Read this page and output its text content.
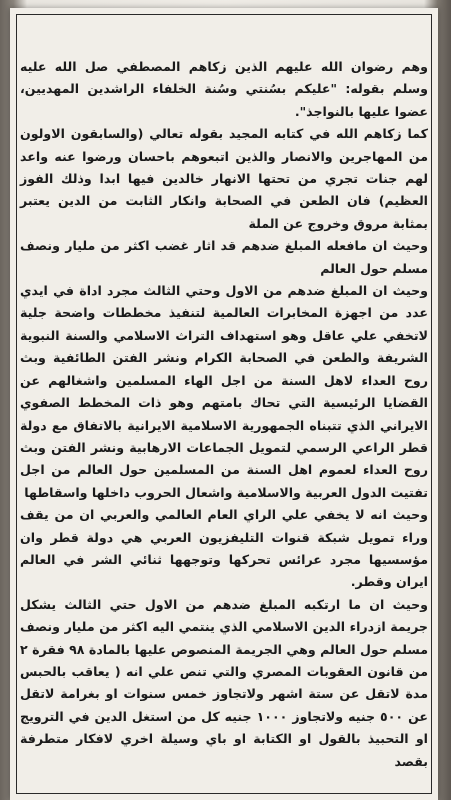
وهم رضوان الله عليهم الذين زكاهم المصطفي صل الله عليه وسلم بقوله: "عليكم بسُنتي وسُنة الخلفاء الراشدين المهديين، عضوا عليها بالنواجذ".

كما زكاهم الله في كتابه المجيد بقوله تعالي (والسابقون الاولون من المهاجرين والانصار والذين اتبعوهم باحسان ورضوا عنه واعد لهم جنات تجري من تحتها الانهار خالدين فيها ابدا وذلك الفوز العظيم) فان الطعن في الصحابة وانكار الثابت من الدين يعتبر بمثابة مروق وخروج عن الملة

وحيث ان مافعله المبلغ ضدهم قد اثار غضب اكثر من مليار ونصف مسلم حول العالم

وحيث ان المبلغ ضدهم من الاول وحتي الثالث مجرد اداة في ايدي عدد من اجهزة المخابرات العالمية لتنفيذ مخططات واضحة جلية لاتخفي علي عاقل وهو استهداف التراث الاسلامي والسنة النبوية الشريفة والطعن في الصحابة الكرام ونشر الفتن الطائفية وبث روح العداء لاهل السنة من اجل الهاء المسلمين واشغالهم عن القضايا الرئيسية التي تحاك بامتهم وهو ذات المخطط الصفوي الايراني الذي تتبناه الجمهورية الاسلامية الايرانية بالاتفاق مع دولة قطر الراعي الرسمي لتمويل الجماعات الارهابية ونشر الفتن وبث روح العداء لعموم اهل السنة من المسلمين حول العالم من اجل تفتيت الدول العربية والاسلامية واشعال الحروب داخلها واسقاطها

وحيث انه لا يخفي علي الراي العام العالمي والعربي ان من يقف وراء تمويل شبكة قنوات التليفزيون العربي هي دولة قطر وان مؤسسيها مجرد عرائس تحركها وتوجهها ثنائي الشر في العالم ايران وقطر.

وحيث ان ما ارتكبه المبلغ ضدهم من الاول حتي الثالث يشكل جريمة ازدراء الدين الاسلامي الذي ينتمي اليه اكثر من مليار ونصف مسلم حول العالم وهي الجريمة المنصوص عليها بالمادة ٩٨ فقرة ٢ من قانون العقوبات المصري والتي تنص علي انه ( يعاقب بالحبس مدة لاتقل عن ستة اشهر ولاتجاوز خمس سنوات او بغرامة لاتقل عن ٥٠٠ جنيه ولاتجاوز ١٠٠٠ جنيه كل من استغل الدين في الترويج او التحبيذ بالقول او الكتابة او باي وسيلة اخري لافكار متطرفة بقصد
